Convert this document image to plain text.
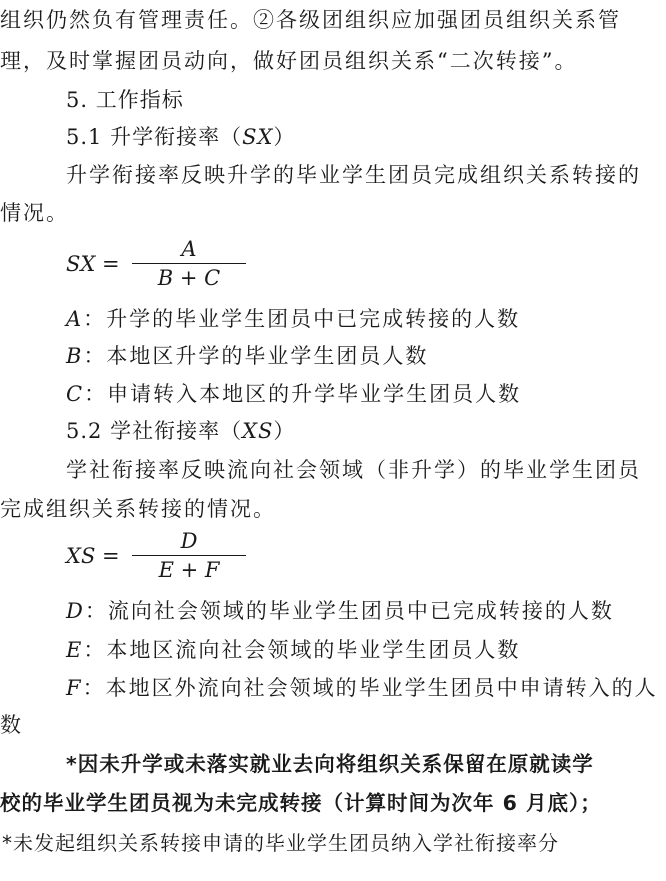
组织仍然负有管理责任。②各级团组织应加强团员组织关系管
理，及时掌握团员动向，做好团员组织关系“二次转接”。
5. 工作指标
5.1 升学衔接率（SX）
升学衔接率反映升学的毕业学生团员完成组织关系转接的
情况。
SX =
A
B + C
A：升学的毕业学生团员中已完成转接的人数
B：本地区升学的毕业学生团员人数
C：申请转入本地区的升学毕业学生团员人数
5.2 学社衔接率（XS）
学社衔接率反映流向社会领域（非升学）的毕业学生团员
完成组织关系转接的情况。
XS =
D
E + F
D：流向社会领域的毕业学生团员中已完成转接的人数
E：本地区流向社会领域的毕业学生团员人数
F：本地区外流向社会领域的毕业学生团员中申请转入的人
数
*因未升学或未落实就业去向将组织关系保留在原就读学
校的毕业学生团员视为未完成转接（计算时间为次年 6 月底）；
*未发起组织关系转接申请的毕业学生团员纳入学社衔接率分
